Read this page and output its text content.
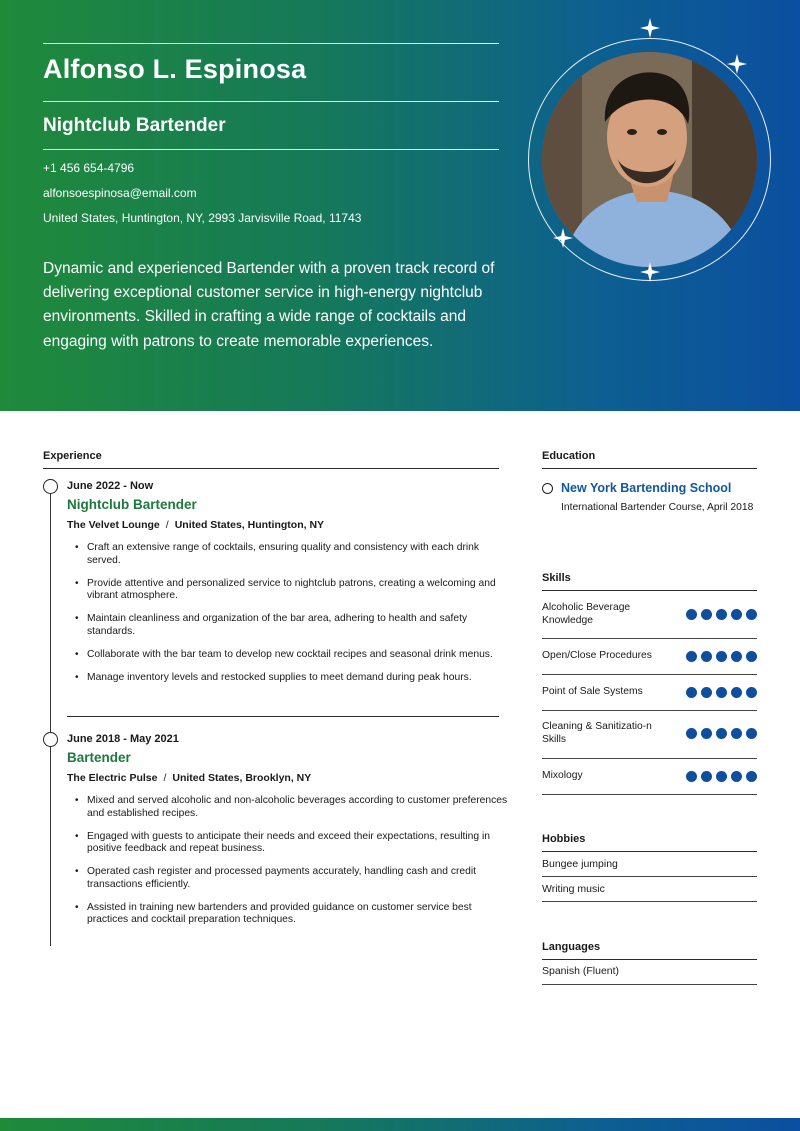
Alfonso L. Espinosa
Nightclub Bartender
+1 456 654-4796
alfonsoespinosa@email.com
United States, Huntington, NY, 2993 Jarvisville Road, 11743
Dynamic and experienced Bartender with a proven track record of delivering exceptional customer service in high-energy nightclub environments. Skilled in crafting a wide range of cocktails and engaging with patrons to create memorable experiences.
Experience
June 2022 - Now
Nightclub Bartender
The Velvet Lounge / United States, Huntington, NY
• Craft an extensive range of cocktails, ensuring quality and consistency with each drink served.
• Provide attentive and personalized service to nightclub patrons, creating a welcoming and vibrant atmosphere.
• Maintain cleanliness and organization of the bar area, adhering to health and safety standards.
• Collaborate with the bar team to develop new cocktail recipes and seasonal drink menus.
• Manage inventory levels and restocked supplies to meet demand during peak hours.
June 2018 - May 2021
Bartender
The Electric Pulse / United States, Brooklyn, NY
• Mixed and served alcoholic and non-alcoholic beverages according to customer preferences and established recipes.
• Engaged with guests to anticipate their needs and exceed their expectations, resulting in positive feedback and repeat business.
• Operated cash register and processed payments accurately, handling cash and credit transactions efficiently.
• Assisted in training new bartenders and provided guidance on customer service best practices and cocktail preparation techniques.
Education
New York Bartending School
International Bartender Course, April 2018
Skills
Alcoholic Beverage Knowledge
Open/Close Procedures
Point of Sale Systems
Cleaning & Sanitizatio-n Skills
Mixology
Hobbies
Bungee jumping
Writing music
Languages
Spanish (Fluent)
